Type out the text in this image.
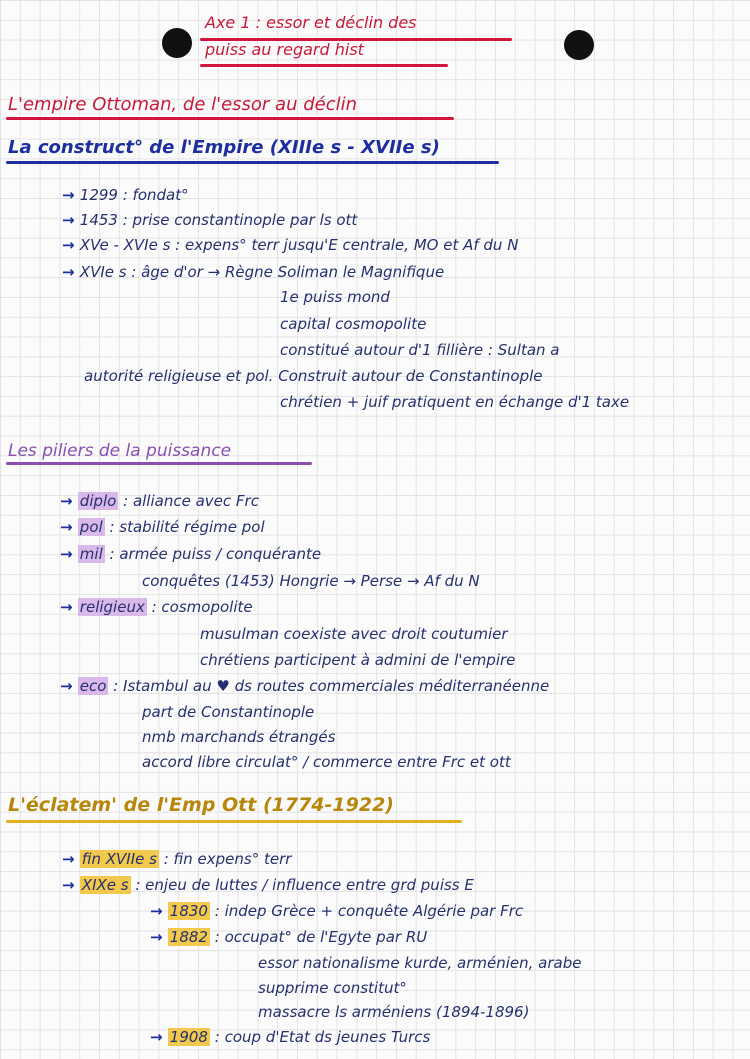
Axe 1 : essor et déclin des
puiss au regard hist
L'empire Ottoman, de l'essor au déclin
La construct° de l'Empire (XIIIe s - XVIIe s)
→ 1299 : fondat°
→ 1453 : prise constantinople par ls ott
→ XVe - XVIe s : expens° terr jusqu'E centrale, MO et Af du N
→ XVIe s : âge d'or → Règne Soliman le Magnifique
1e puiss mond
capital cosmopolite
constitué autour d'1 fillière : Sultan a
autorité religieuse et pol. Construit autour de Constantinople
chrétien + juif pratiquent en échange d'1 taxe
Les piliers de la puissance
→ diplo : alliance avec Frc
→ pol : stabilité régime pol
→ mil : armée puiss / conquérante
conquêtes (1453) Hongrie → Perse → Af du N
→ religieux : cosmopolite
musulman coexiste avec droit coutumier
chrétiens participent à admini de l'empire
→ eco : Istambul au ♥ ds routes commerciales méditerranéenne
part de Constantinople
nmb marchands étrangés
accord libre circulat° / commerce entre Frc et ott
L'éclatem' de l'Emp Ott (1774-1922)
→ fin XVIIe s : fin expens° terr
→ XIXe s : enjeu de luttes / influence entre grd puiss E
→ 1830 : indep Grèce + conquête Algérie par Frc
→ 1882 : occupat° de l'Egyte par RU
essor nationalisme kurde, arménien, arabe
supprime constitut°
massacre ls arméniens (1894-1896)
→ 1908 : coup d'Etat ds jeunes Turcs
